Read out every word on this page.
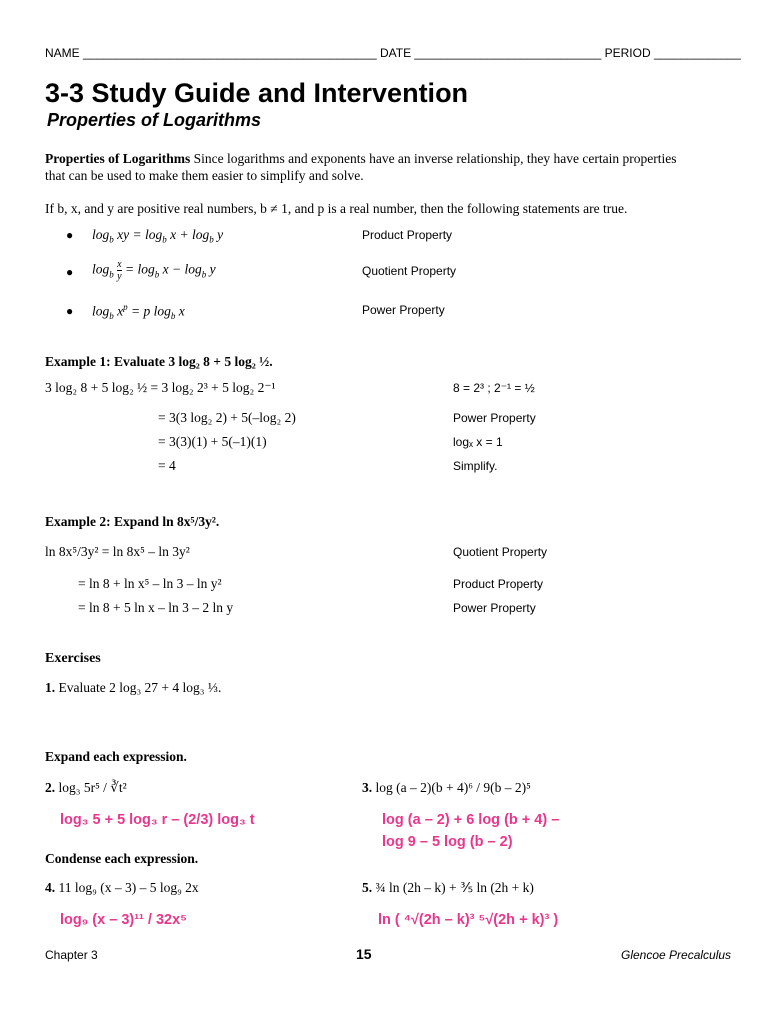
NAME ____________________________________________ DATE ____________________________ PERIOD _____________
3-3 Study Guide and Intervention
Properties of Logarithms
Properties of Logarithms Since logarithms and exponents have an inverse relationship, they have certain properties
that can be used to make them easier to simplify and solve.
If b, x, and y are positive real numbers, b ≠ 1, and p is a real number, then the following statements are true.
● $\log_b$ xy = $\log_b x + \log_b y$	Product Property
● $\log_b \frac{x}{y} = \log_b x - \log_b y$	Quotient Property
● $\log_b x^p = p$ $\log_b x$	Power Property
Example 1: Evaluate 3 log₂ 8 + 5 log₂ ½.
3 log₂ 8 + 5 log₂ ½ = 3 log₂ 2³ + 5 log₂ 2⁻¹	8 = 2³ ; 2⁻¹ = ½
= 3(3 log₂ 2) + 5(–log₂ 2)	Power Property
= 3(3)(1) + 5(–1)(1)	logₓ x = 1
= 4	Simplify.
Example 2: Expand ln 8x⁵/3y².
ln 8x⁵/3y² = ln 8x⁵ – ln 3y²	Quotient Property
= ln 8 + ln x⁵ – ln 3 – ln y²	Product Property
= ln 8 + 5 ln x – ln 3 – 2 ln y	Power Property
Exercises
1. Evaluate 2 log₃ 27 + 4 log₃ ⅓.
Expand each expression.
2. log₃ 5r⁵ / ∛t²
log₃ 5 + 5 log₃ r – (2/3) log₃ t
3. log (a – 2)(b + 4)⁶ / 9(b – 2)⁵
log (a – 2) + 6 log (b + 4) –
log 9 – 5 log (b – 2)
Condense each expression.
4. 11 log₉ (x – 3) – 5 log₉ 2x
log₉ (x – 3)¹¹ / 32x⁵
5. ¾ ln (2h – k) + ⅗ ln (2h + k)
ln ( ⁴√(2h – k)³ ⁵√(2h + k)³ )
Chapter 3	15	Glencoe Precalculus
